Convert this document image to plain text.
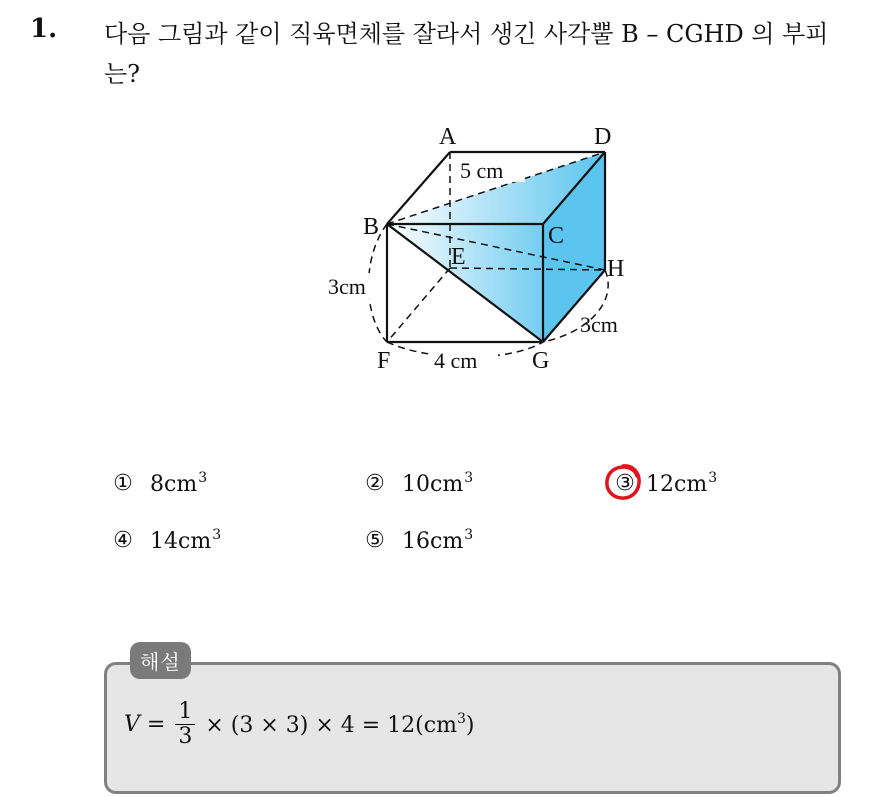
1. 다음 그림과 같이 직육면체를 잘라서 생긴 사각뿔 B – CGHD 의 부피는?
A	D
B	C
E	H
F	G
5 cm
3cm
4 cm
3cm
① $8cm^3$	② $10cm^3$	③ $12cm^3$
④ $14cm^3$	⑤ $16cm^3$
해설
$V = \frac{1}{3} \times (3 \times 3) \times 4 = 12(cm^3)$
